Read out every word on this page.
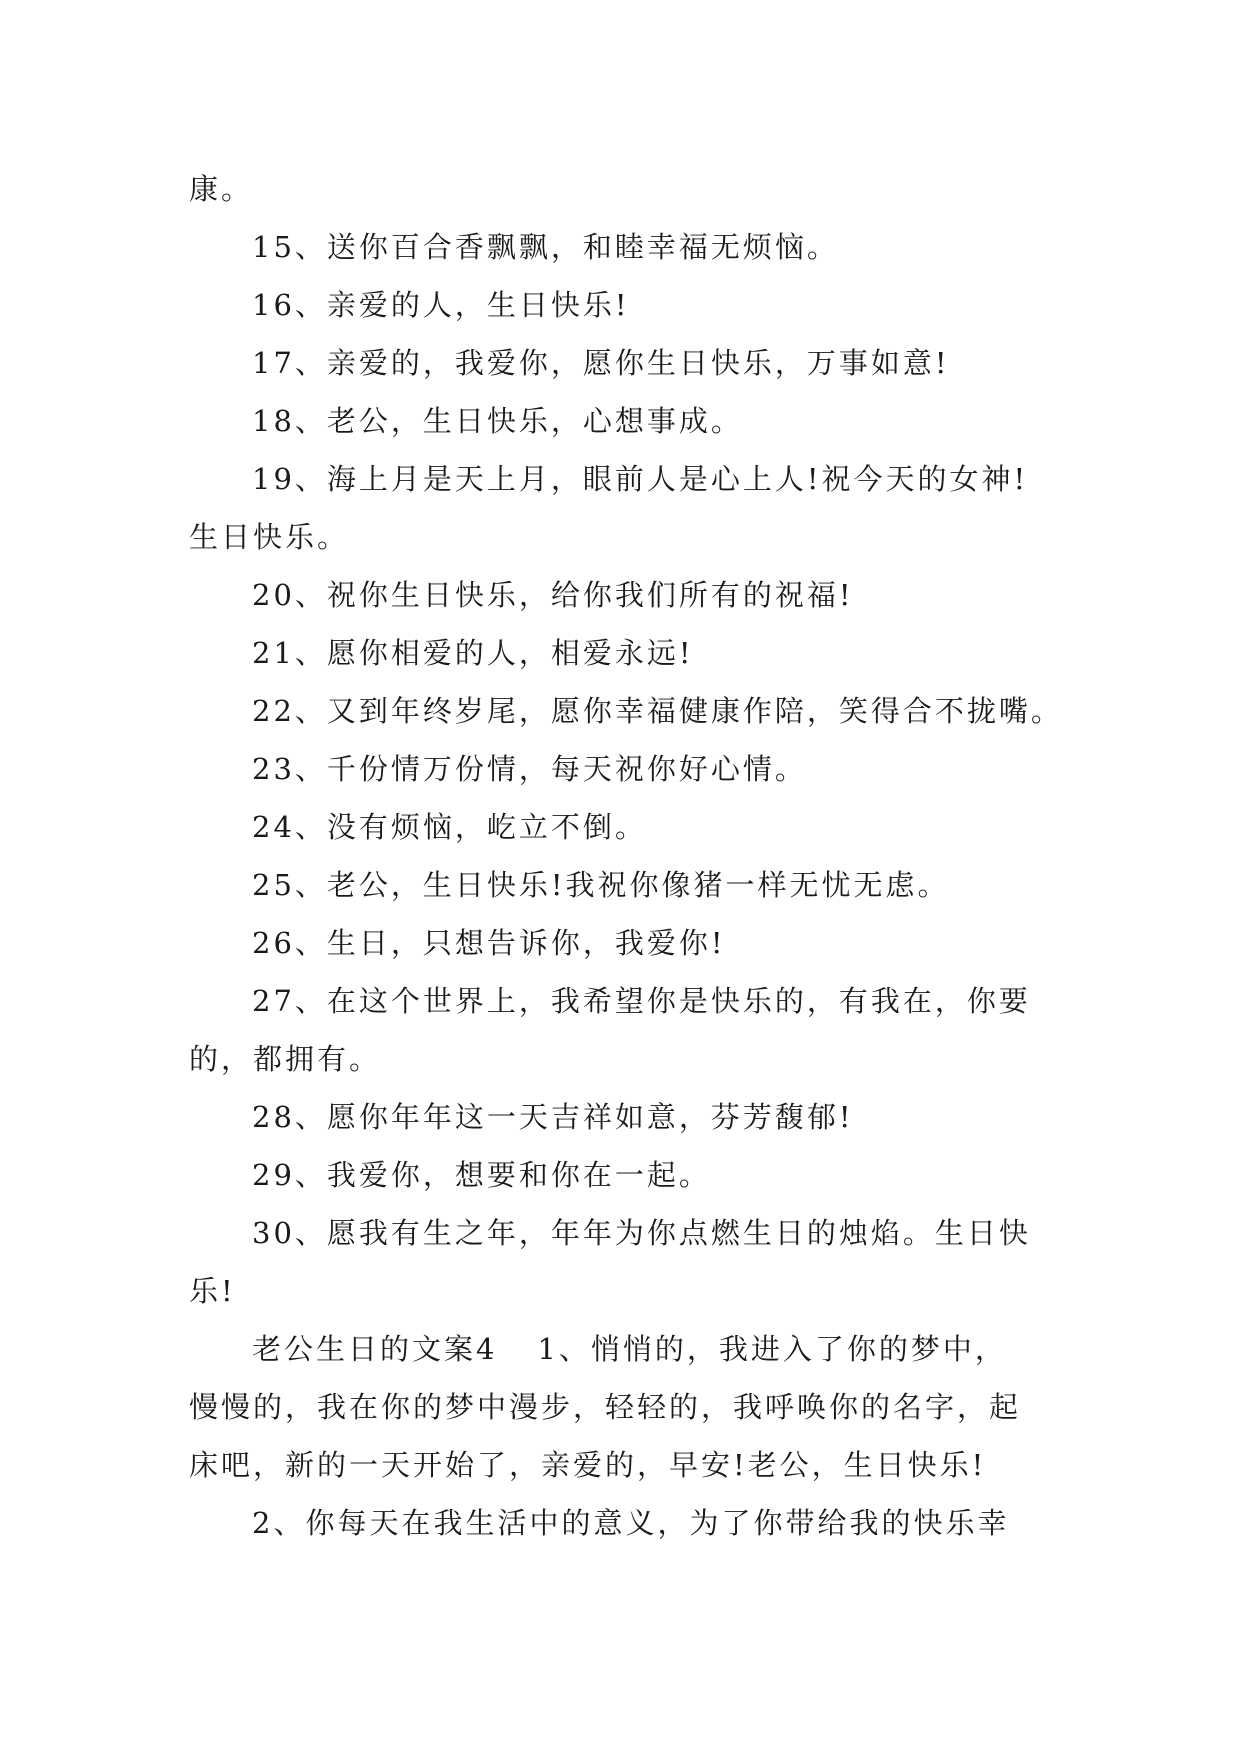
康。
15、送你百合香飘飘，和睦幸福无烦恼。
16、亲爱的人，生日快乐!
17、亲爱的，我爱你，愿你生日快乐，万事如意!
18、老公，生日快乐，心想事成。
19、海上月是天上月，眼前人是心上人!祝今天的女神!
生日快乐。
20、祝你生日快乐，给你我们所有的祝福!
21、愿你相爱的人，相爱永远!
22、又到年终岁尾，愿你幸福健康作陪，笑得合不拢嘴。
23、千份情万份情，每天祝你好心情。
24、没有烦恼，屹立不倒。
25、老公，生日快乐!我祝你像猪一样无忧无虑。
26、生日，只想告诉你，我爱你!
27、在这个世界上，我希望你是快乐的，有我在，你要
的，都拥有。
28、愿你年年这一天吉祥如意，芬芳馥郁!
29、我爱你，想要和你在一起。
30、愿我有生之年，年年为你点燃生日的烛焰。生日快
乐!
老公生日的文案4 1、悄悄的，我进入了你的梦中，
慢慢的，我在你的梦中漫步，轻轻的，我呼唤你的名字，起
床吧，新的一天开始了，亲爱的，早安!老公，生日快乐!
2、你每天在我生活中的意义，为了你带给我的快乐幸
